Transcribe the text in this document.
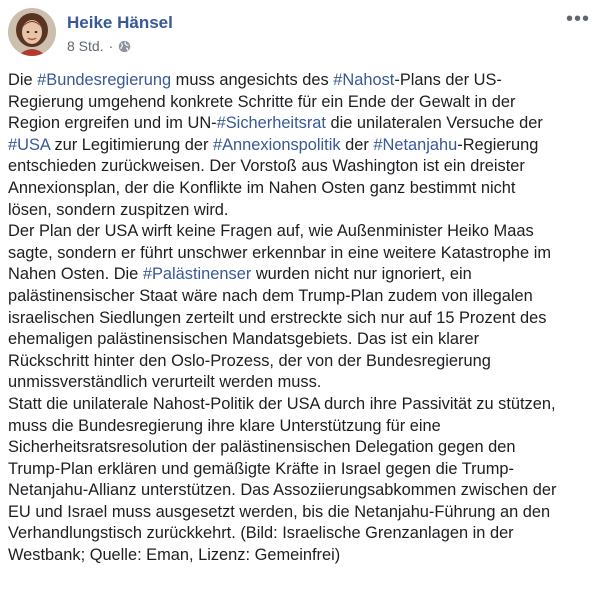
Heike Hänsel
8 Std. ·
•••
Die #Bundesregierung muss angesichts des #Nahost-Plans der US-
Regierung umgehend konkrete Schritte für ein Ende der Gewalt in der
Region ergreifen und im UN-#Sicherheitsrat die unilateralen Versuche der
#USA zur Legitimierung der #Annexionspolitik der #Netanjahu-Regierung
entschieden zurückweisen. Der Vorstoß aus Washington ist ein dreister
Annexionsplan, der die Konflikte im Nahen Osten ganz bestimmt nicht
lösen, sondern zuspitzen wird.
Der Plan der USA wirft keine Fragen auf, wie Außenminister Heiko Maas
sagte, sondern er führt unschwer erkennbar in eine weitere Katastrophe im
Nahen Osten. Die #Palästinenser wurden nicht nur ignoriert, ein
palästinensischer Staat wäre nach dem Trump-Plan zudem von illegalen
israelischen Siedlungen zerteilt und erstreckte sich nur auf 15 Prozent des
ehemaligen palästinensischen Mandatsgebiets. Das ist ein klarer
Rückschritt hinter den Oslo-Prozess, der von der Bundesregierung
unmissverständlich verurteilt werden muss.
Statt die unilaterale Nahost-Politik der USA durch ihre Passivität zu stützen,
muss die Bundesregierung ihre klare Unterstützung für eine
Sicherheitsratsresolution der palästinensischen Delegation gegen den
Trump-Plan erklären und gemäßigte Kräfte in Israel gegen die Trump-
Netanjahu-Allianz unterstützen. Das Assoziierungsabkommen zwischen der
EU und Israel muss ausgesetzt werden, bis die Netanjahu-Führung an den
Verhandlungstisch zurückkehrt. (Bild: Israelische Grenzanlagen in der
Westbank; Quelle: Eman, Lizenz: Gemeinfrei)
